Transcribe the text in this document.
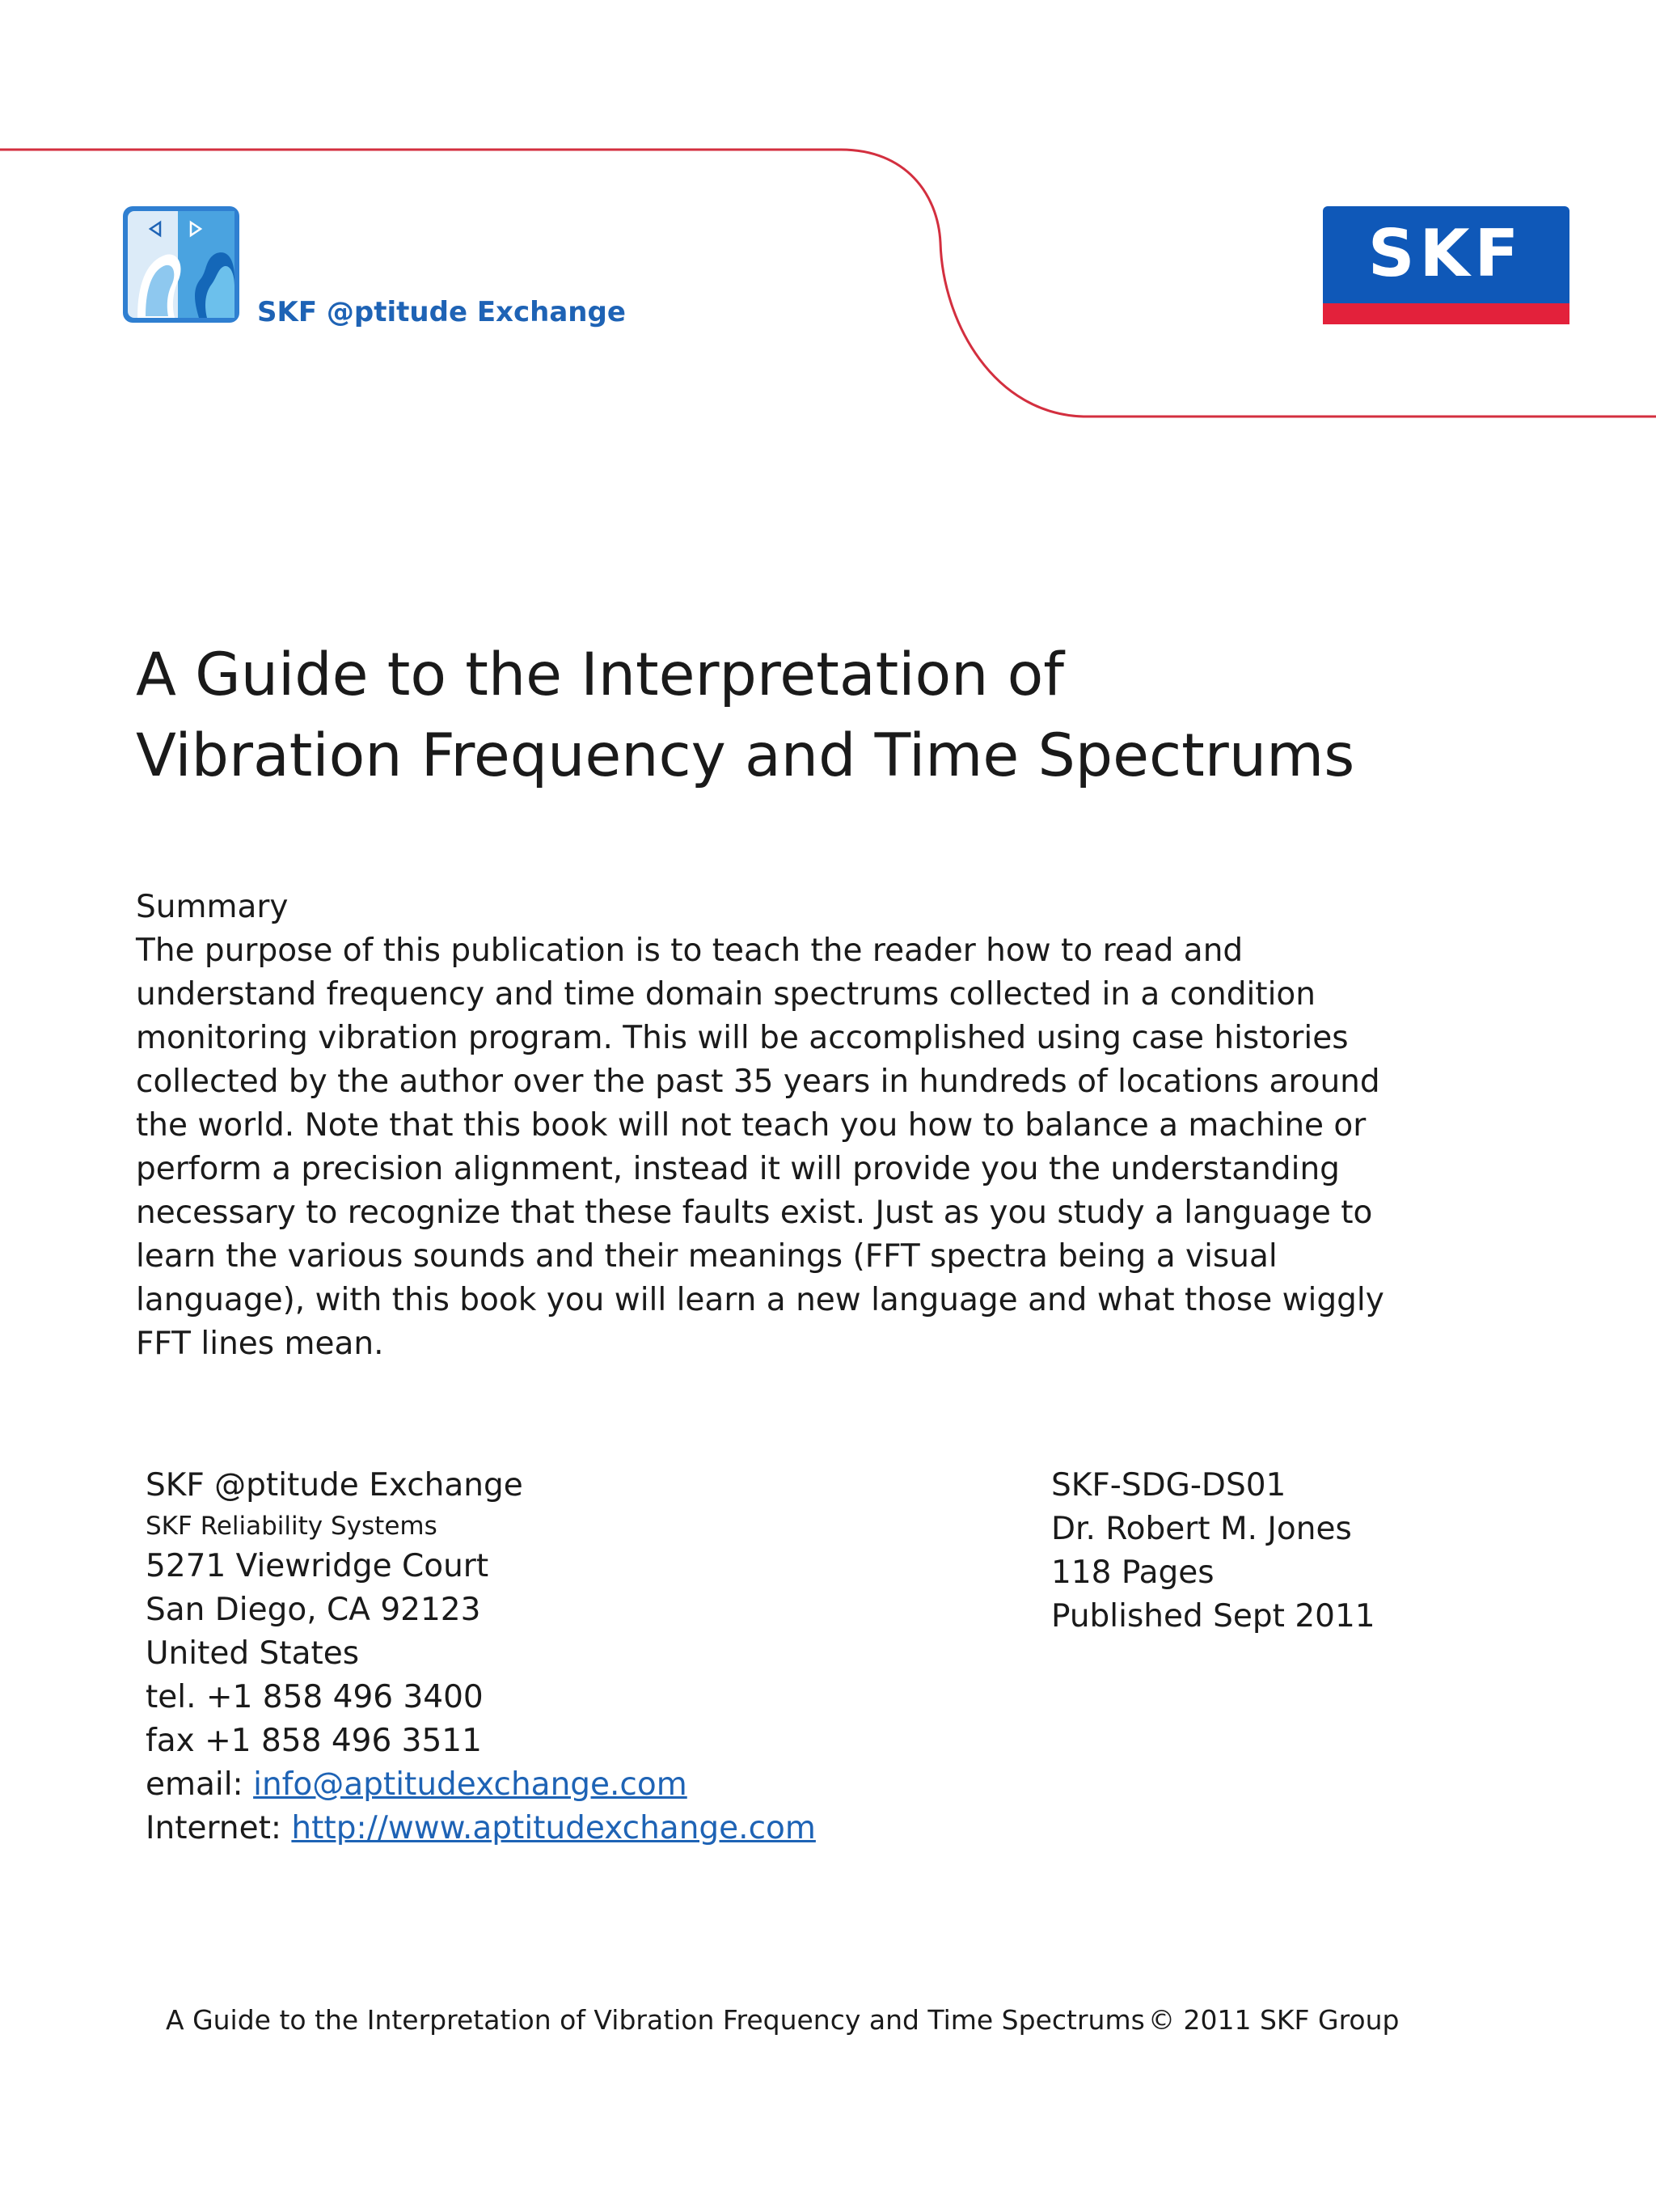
SKF @ptitude Exchange
SKF
A Guide to the Interpretation of
Vibration Frequency and Time Spectrums
Summary

The purpose of this publication is to teach the reader how to read and understand frequency and time domain spectrums collected in a condition monitoring vibration program. This will be accomplished using case histories collected by the author over the past 35 years in hundreds of locations around the world. Note that this book will not teach you how to balance a machine or perform a precision alignment, instead it will provide you the understanding necessary to recognize that these faults exist. Just as you study a language to learn the various sounds and their meanings (FFT spectra being a visual language), with this book you will learn a new language and what those wiggly FFT lines mean.

SKF @ptitude Exchange
SKF Reliability Systems
5271 Viewridge Court
San Diego, CA 92123
United States
tel. +1 858 496 3400
fax +1 858 496 3511
email: info@aptitudexchange.com
Internet: http://www.aptitudexchange.com
SKF-SDG-DS01
Dr. Robert M. Jones
118 Pages
Published Sept 2011
A Guide to the Interpretation of Vibration Frequency and Time Spectrums © 2011 SKF Group
